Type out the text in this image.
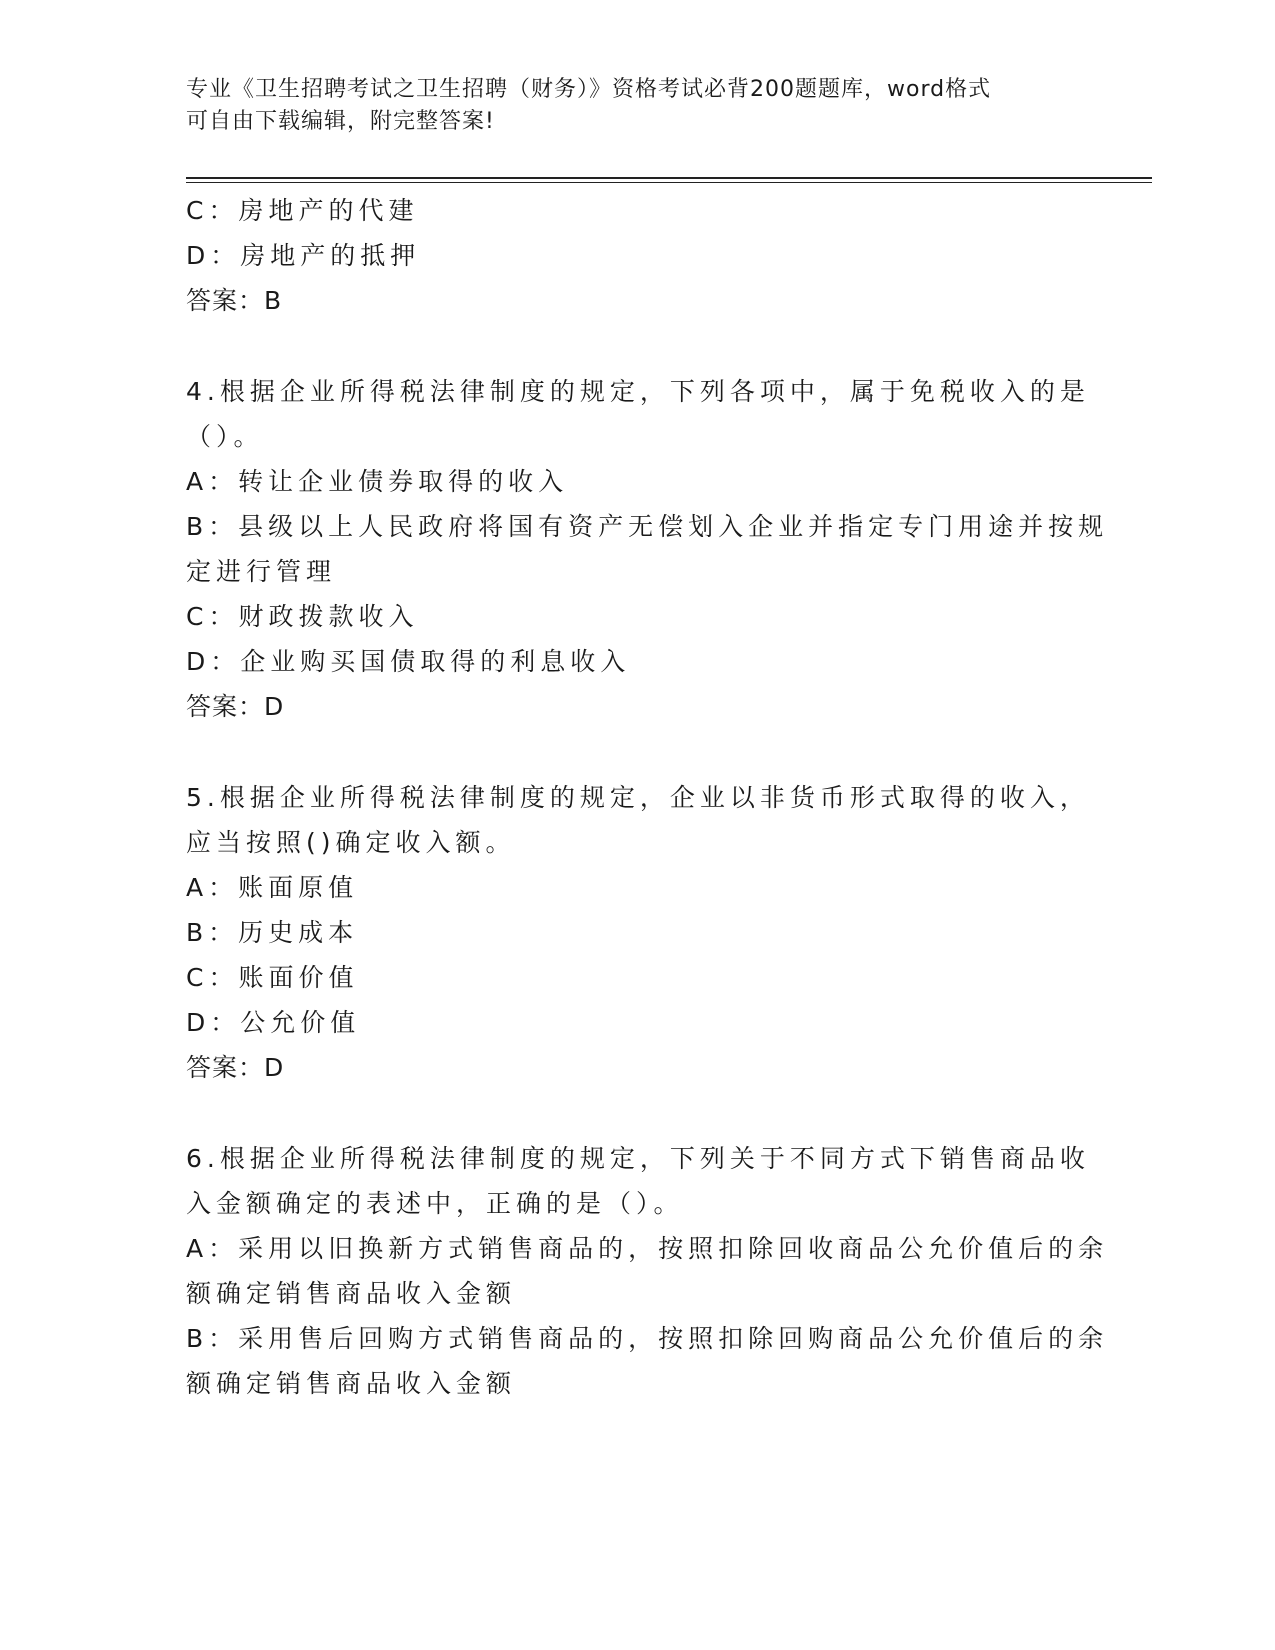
专业《卫生招聘考试之卫生招聘（财务）》资格考试必背200题题库，word格式
可自由下载编辑，附完整答案!
C：房地产的代建
D：房地产的抵押
答案：B
4.根据企业所得税法律制度的规定，下列各项中，属于免税收入的是
（）。
A：转让企业债券取得的收入
B：县级以上人民政府将国有资产无偿划入企业并指定专门用途并按规
定进行管理
C：财政拨款收入
D：企业购买国债取得的利息收入
答案：D
5.根据企业所得税法律制度的规定，企业以非货币形式取得的收入，
应当按照()确定收入额。
A：账面原值
B：历史成本
C：账面价值
D：公允价值
答案：D
6.根据企业所得税法律制度的规定，下列关于不同方式下销售商品收
入金额确定的表述中，正确的是（）。
A：采用以旧换新方式销售商品的，按照扣除回收商品公允价值后的余
额确定销售商品收入金额
B：采用售后回购方式销售商品的，按照扣除回购商品公允价值后的余
额确定销售商品收入金额
